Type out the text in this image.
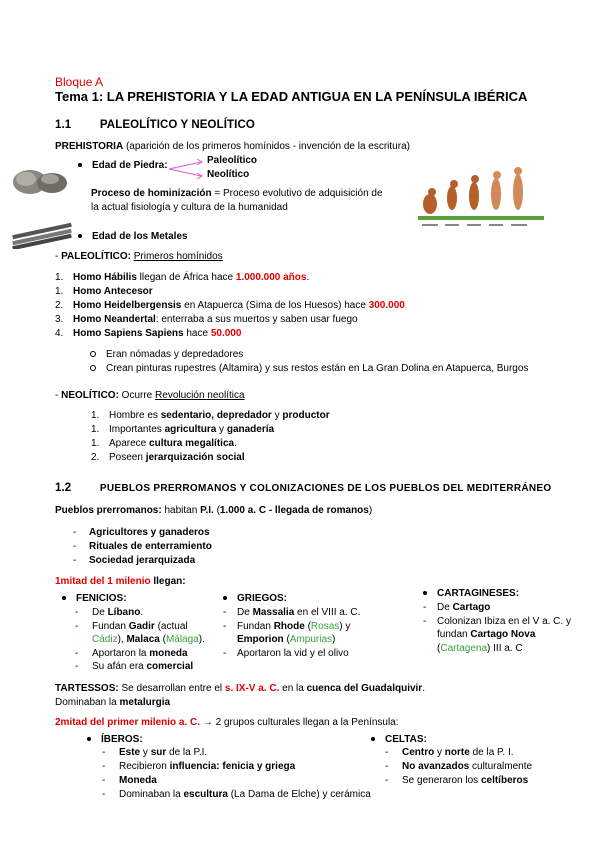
Bloque A
Tema 1: LA PREHISTORIA Y LA EDAD ANTIGUA EN LA PENÍNSULA IBÉRICA
1.1 PALEOLÍTICO Y NEOLÍTICO
PREHISTORIA (aparición de los primeros homínidos - invención de la escritura)
Edad de Piedra:	Paleolítico
Neolítico
Proceso de hominización = Proceso evolutivo de adquisición de
la actual fisiología y cultura de la humanidad
Edad de los Metales
- PALEOLÍTICO: Primeros homínidos
1. Homo Hábilis llegan de África hace 1.000.000 años.
1. Homo Antecesor
2. Homo Heidelbergensis en Atapuerca (Sima de los Huesos) hace 300.000
3. Homo Neandertal: enterraba a sus muertos y saben usar fuego
4. Homo Sapiens Sapiens hace 50.000
Eran nómadas y depredadores
Crean pinturas rupestres (Altamira) y sus restos están en La Gran Dolina en Atapuerca, Burgos
- NEOLÍTICO: Ocurre Revolución neolítica
1. Hombre es sedentario, depredador y productor
1. Importantes agricultura y ganadería
1. Aparece cultura megalítica.
2. Poseen jerarquización social
1.2	PUEBLOS PRERROMANOS Y COLONIZACIONES DE LOS PUEBLOS DEL MEDITERRÁNEO
Pueblos prerromanos: habitan P.I. (1.000 a. C - llegada de romanos)
- Agricultores y ganaderos
- Rituales de enterramiento
- Sociedad jerarquizada
1mitad del 1 milenio llegan:
FENICIOS:
- De Líbano.
- Fundan Gadir (actual
Cádiz), Malaca (Málaga).
- Aportaron la moneda
- Su afán era comercial
GRIEGOS:
- De Massalia en el VIII a. C.
- Fundan Rhode (Rosas) y
Emporion (Ampurias)
- Aportaron la vid y el olivo
CARTAGINESES:
- De Cartago
- Colonizan Ibiza en el V a. C. y
fundan Cartago Nova
(Cartagena) III a. C
TARTESSOS: Se desarrollan entre el s. IX-V a. C. en la cuenca del Guadalquivir.
Dominaban la metalurgia
2mitad del primer milenio a. C. → 2 grupos culturales llegan a la Península:
ÍBEROS:
- Este y sur de la P.I.
- Recibieron influencia: fenicia y griega
- Moneda
- Dominaban la escultura (La Dama de Elche) y cerámica
CELTAS:
- Centro y norte de la P. I.
- No avanzados culturalmente
- Se generaron los celtíberos
